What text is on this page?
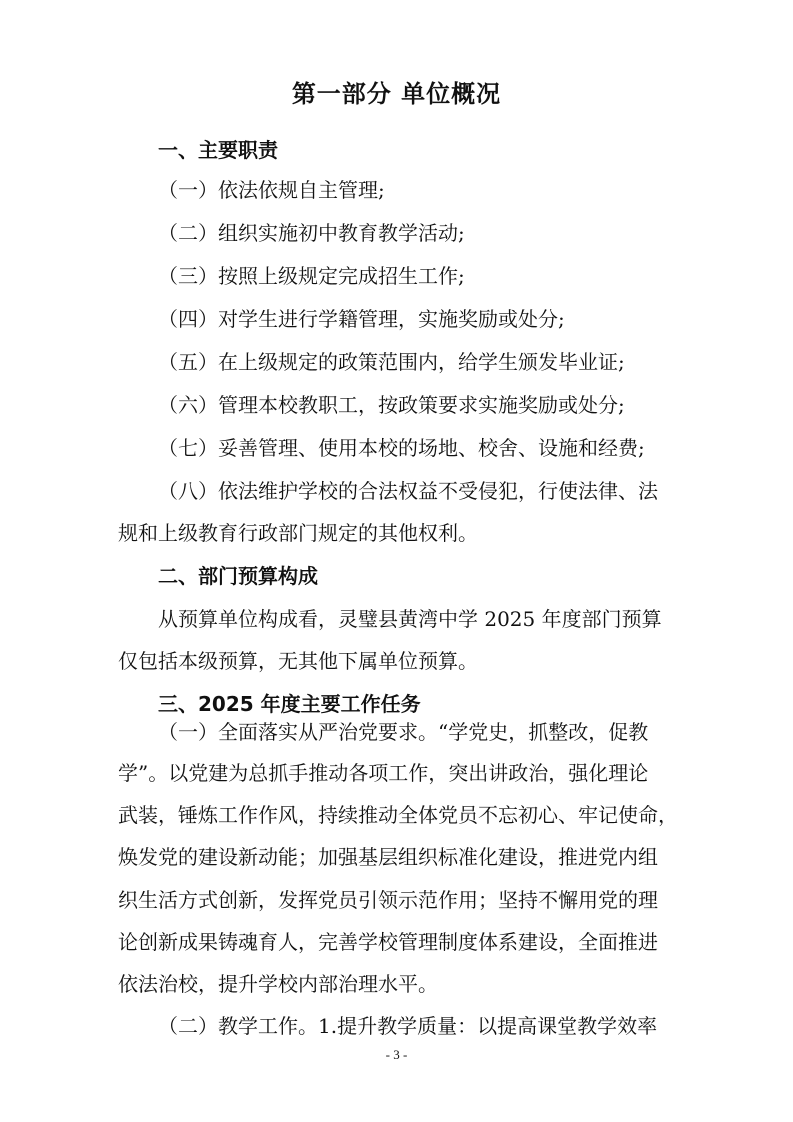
第一部分 单位概况
一、主要职责
（一）依法依规自主管理;
（二）组织实施初中教育教学活动;
（三）按照上级规定完成招生工作;
（四）对学生进行学籍管理，实施奖励或处分;
（五）在上级规定的政策范围内，给学生颁发毕业证;
（六）管理本校教职工，按政策要求实施奖励或处分;
（七）妥善管理、使用本校的场地、校舍、设施和经费;
（八）依法维护学校的合法权益不受侵犯，行使法律、法
规和上级教育行政部门规定的其他权利。
二、部门预算构成
从预算单位构成看，灵璧县黄湾中学 2025 年度部门预算
仅包括本级预算，无其他下属单位预算。
三、2025 年度主要工作任务
（一）全面落实从严治党要求。“学党史，抓整改，促教
学”。以党建为总抓手推动各项工作，突出讲政治，强化理论
武装，锤炼工作作风，持续推动全体党员不忘初心、牢记使命，
焕发党的建设新动能；加强基层组织标准化建设，推进党内组
织生活方式创新，发挥党员引领示范作用；坚持不懈用党的理
论创新成果铸魂育人，完善学校管理制度体系建设，全面推进
依法治校，提升学校内部治理水平。
（二）教学工作。1.提升教学质量：以提高课堂教学效率
- 3 -
